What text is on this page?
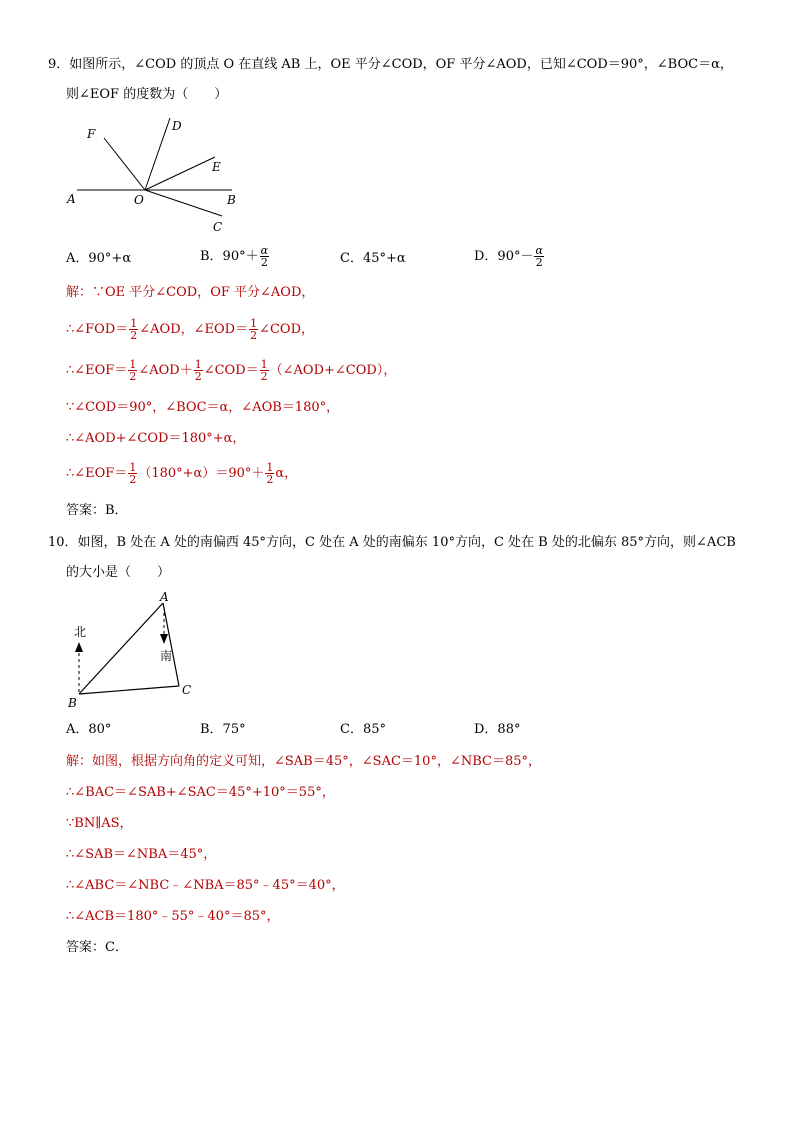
9．如图所示，∠COD 的顶点 O 在直线 AB 上，OE 平分∠COD，OF 平分∠AOD，已知∠COD＝90°，∠BOC＝α，
则∠EOF 的度数为（　　）
F
D
E
A	O	B
C
A．90°+α	B．$90^\circ+ \frac{\alpha}{2}$	C．45°+α	D．$90^\circ- \frac{\alpha}{2}$
解：∵OE 平分∠COD，OF 平分∠AOD，
∴∠FOD＝ $\frac{1}{2}$ ∠AOD，∠EOD＝ $\frac{1}{2}$ ∠COD，
∴∠EOF＝ $\frac{1}{2}$ ∠AOD＋ $\frac{1}{2}$ ∠COD＝ $\frac{1}{2}$ （∠AOD+∠COD），
∵∠COD＝90°，∠BOC＝α，∠AOB＝180°，
∴∠AOD+∠COD＝180°+α，
∴∠EOF＝ $\frac{1}{2} (180^\circ+\alpha)=90^\circ+ \frac{1}{2}$ α，
答案：B．
10．如图，B 处在 A 处的南偏西 45°方向，C 处在 A 处的南偏东 10°方向，C 处在 B 处的北偏东 85°方向，则∠ACB
的大小是（　　）
北
南
A
B
C
A．80°	B．75°	C．85°	D．88°
解：如图，根据方向角的定义可知，∠SAB＝45°，∠SAC＝10°，∠NBC＝85°，
∴∠BAC＝∠SAB+∠SAC＝45°+10°＝55°，
∵BN∥AS，
∴∠SAB＝∠NBA＝45°，
∴∠ABC＝∠NBC﹣∠NBA＝85°﹣45°＝40°，
∴∠ACB＝180°﹣55°﹣40°＝85°，
答案：C．
